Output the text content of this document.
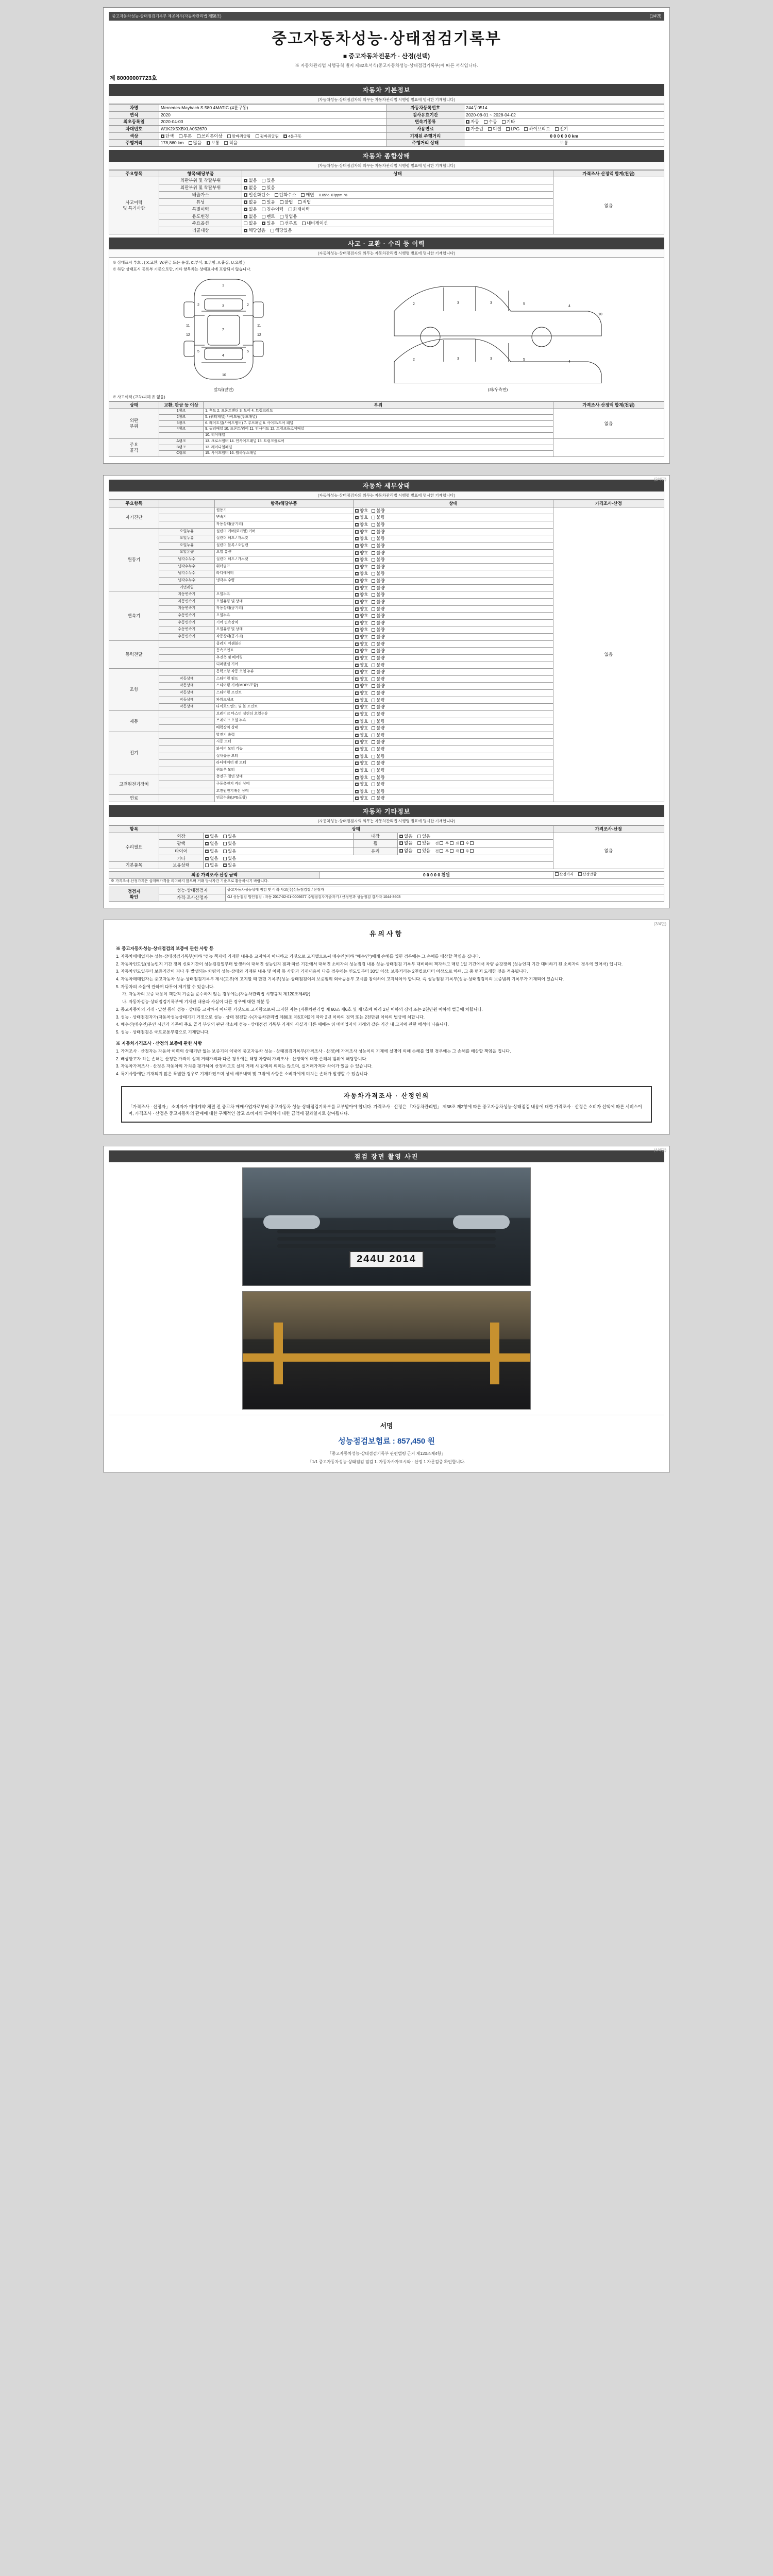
중고자동차성능·상태점검기록부 제공의무(자동차관리법 제58조)	(1/4면)
중고자동차성능·상태점검기록부
■ 중고자동차전문가 · 산정(선택)
※ 자동차관리법 시행규칙 별지 제82호서식(중고자동차성능·상태점검기록부)에 따른 서식입니다.
제 80000007723호
자동차 기본정보
(자동차성능·상태점검자의 의무는 자동차관리법 시행령 별표에 명시한 기재합니다)
차명	Mercedes-Maybach S 580 4MATIC (4륜구동)	자동차등록번호	244두0514
연식	2020	검사유효기간	2020-08-01 ~ 2028-04-02
최초등록일	2020-04-03	변속기종류	자동 수동 기타
차대번호	W1K2X5XBXLA052670	사용연료	가솔린 디젤 LPG 하이브리드 전기
색상	단색 투톤 쓰리톤이상 앞바퀴굴림 뒷바퀴굴림 4륜구동	기재된 주행거리	0 0 0 0 0 0 km
주행거리	178,860 km 많음 보통 적음	주행거리 상태	보통
자동차 종합상태
(자동차성능·상태점검자의 의무는 자동차관리법 시행령 별표에 명시한 기재합니다)
주요항목	항목/해당부품	상태	가격조사·산정액 합계(천원)
사고이력
및 특기사항	외판부위 및 착탈부위	없음 있음	없음
	외판부위 및 착탈부위	없음 있음	
	배출가스	일산화탄소 탄화수소 매연 0.05% 07ppm %	
	튜닝	없음 있음 불법 적법	
	특별이력	없음 침수이력 화재이력	
	용도변경	없음 렌트 영업용	
	주요옵션	없음 있음 선루프 내비게이션	
	리콜대상	해당없음 해당있음	
사고 · 교환 · 수리 등 이력
(자동차성능·상태점검자의 의무는 자동차관리법 시행령 별표에 명시한 기재합니다)
※ 상태표시 부호 : ( X:교환, W:판금 또는 용접, C:부식, S:긁힘, A:흠집, U:요철 )
※ 하단 상태표시 등록부 기준으로만, 기타 항목차는 상태표시에 포함되지 않습니다.
1
2	2
3
7
4
5	5
10
11	11
12	12
앞/뒤(옆면)
2	3	3	5
4
10
2	3	3	5
4
(좌/우측면)
※ 사고이력 (교차/피해 유 없음)
상태	교환, 판금 등 이상	부위	가격조사·산정액 합계(천원)
외판
부위	1랭크	1. 후드 2. 프론트펜더 3. 도어 4. 트렁크리드	없음
	2랭크	5. (쿼터패널) 사이드월(루프패널)	
	3랭크	6. 레이트널(사이드멤버) 7. 루프패널 8. 사이드/도어 패널	
	4랭크	9. 필러패널 10. 프론트/리어 11. 인사이드 12. 트렁크플로어패널	
		10. 리어패널	
주요
골격	A랭크	13. 크로스멤버 14. 인사이드패널 15. 트렁크플로어	
	B랭크	13. 레이디얼패널	
	C랭크	15. 사이드멤버 16. 휠하우스패널	
(2/4면)
자동차 세부상태
(자동차성능·상태점검자의 의무는 자동차관리법 시행령 별표에 명시한 기재합니다)
주요항목		항목/해당부품	상태	가격조사·산정
자기진단		원동기	양호 불량	없음
		변속기	양호 불량	
		작동상태(공기리)	양호 불량	
원동기	오일누유	실린더 커버(로커암) 커버	양호 불량	
	오일누유	실린더 헤드 / 개스킷	양호 불량	
	오일누유	실린더 블록 / 오일팬	양호 불량	
	오일유량	오일 유량	양호 불량	
	냉각수누수	실린더 헤드 / 가스켓	양호 불량	
	냉각수누수	워터펌프	양호 불량	
	냉각수누수	라디에이터	양호 불량	
	냉각수누수	냉각수 수량	양호 불량	
	커먼레일		양호 불량	
변속기	자동변속기	오일누유	양호 불량	
	자동변속기	오일유량 및 상태	양호 불량	
	자동변속기	작동상태(공기리)	양호 불량	
	수동변속기	오일누유	양호 불량	
	수동변속기	기어 변속장치	양호 불량	
	수동변속기	오일유량 및 상태	양호 불량	
	수동변속기	작동상태(공기리)	양호 불량	
동력전달		클러치 어셈블리	양호 불량	
		등속조인트	양호 불량	
		추진축 및 베어링	양호 불량	
		디퍼렌셜 기어	양호 불량	
조향		동력조향 작동 오일 누유	양호 불량	
	작동상태	스티어링 펌프	양호 불량	
	작동상태	스티어링 기어(MDPS포함)	양호 불량	
	작동상태	스티어링 조인트	양호 불량	
	작동상태	파워크랭크	양호 불량	
	작동상태	타이로드엔드 및 볼 조인트	양호 불량	
제동		브레이크 마스터 실린더 오일누유	양호 불량	
		브레이크 오일 누유	양호 불량	
		배력장치 상태	양호 불량	
전기		발전기 출력	양호 불량	
		시동 모터	양호 불량	
		와이퍼 모터 기능	양호 불량	
		실내송풍 모터	양호 불량	
		라디에이터 팬 모터	양호 불량	
		윈도우 모터	양호 불량	
고전원전기장치		충전구 절연 상태	양호 불량	
		구동축전지 격리 상태	양호 불량	
		고전원전기배선 상태	양호 불량	
연료		연료누출(LPG포함)	양호 불량	
자동차 기타정보
(자동차성능·상태점검자의 의무는 자동차관리법 시행령 별표에 명시한 기재합니다)
항목	상태				가격조사·산정
수리필요	외장	없음 있음	내장	없음 있음	없음
	광택	없음 있음	휠	없음 있음 전  후  좌  우	
	타이어	없음 있음	유리	없음 있음 전  후  좌  우	
	기타	없음 있음			
기본품목	보유상태	없음 있음			
최종 가격조사·산정 금액	0 0 0 0 0 천원	산정가격	산정안함
※ 가격조사·산정가격은 실매매가격을 의미하지 않으며 거래 당사자간 기준으로 활용하시기 바랍니다.
점검자
확인	성능·상태점검자	중고자동차성능상태 점검 및 이력·사고(주)성능점검장 / 산정자
	가격·조사산정자	GJ 성능점검 법인점검 : 자동 2017-02-01-0006677 수행점검자기술자기 / 산정인과 성능점검 검사자 1044-3603
(3/4면)
유의사항
※ 중고자동차성능·상태점검의 보증에 관한 사항 등

1. 자동차매매업자는 성능·상태점검기록부(이하 "성능 책자에 기재한 내용을 교지하지 아니하고 거짓으로 고지했으로써 매수인(이하 "매수인")에게 손해를 입힌 경우에는 그 손해를 배상할 책임을 집니다.

2. 자동차인도일(성능인지 기간 정의 신뢰기간이 성능검검일부터 발생하여 대해진 성능인지 점과 따른 기간에서 대해진 소비자의 성능점검 내용 성능·상태점검 기록부 대비하여 책자하고 매년 1일 기간에서 차량 승강장의 (성능인지 기간 대비하기 된 소비자의 경우에 있어서) 입니다.

3. 자동차인도일부터 보증기간이 지나 후 발생되는 차량의 성능·상태와 기재된 내용 및 이력 등 사항과 기재내용이 다를 경우에는 인도일부터 30일 이상, 보증거리는 2천킬로미터 이상으로 하며, 그 중 먼저 도래한 것을 적용됩니다.

4. 자동차매매업자는 중고자동차 성능·상태점검기록부 제시(교부)에 고지할 때 한편 기록부(성능·상태점검이의 보증범위 외국공통부 고시를 참여하여 고지하여야 합니다. 즉 성능점검 기록부(성능·상태점검이의 보증범위 기록부가 기재되어 있습니다.

5. 자동차의 소음에 관하여 다투어 제기할 수 있습니다.

가. 자동차의 보증 내용이 객관적 기준을 준수하지 않는 경우에는(자동차관리법 시행규칙 제120조제4항)

나. 자동차성능·상태점검기록부에 기재된 내용과 사실이 다른 경우에 대한 처분 등

2. 중고자동차의 거래 · 알선 통의 성능 · 상태를 고지하지 아니한 거짓으로 고지함으로써 고지한 자는 (자동차관리법 제 80조 제6호 및 제7호에 따라 2년 이하의 징역 또는 2천만원 이하의 벌금에 처합니다.

3. 성능 · 상태점검자가(자동차성능상태기기 거짓으로 성능 · 상태 점검할 수(자동차관리법 제80조 제6호의2에 따라 2년 이하의 징역 또는 2천만원 이하의 벌금에 처합니다.

4. 매수신(매수인)본인 시간과 기존이 주요 골격 부위의 판단 장소에 성능 · 상태점검 기록부 기재의 사실과 다른 때에는 위 매매업자의 거래와 같은 기간 내 고지에 관한 해석이 나옵니다.

5. 성능 · 상태점검은 국토교통부령으로 기재합니다.

※ 자동차가격조사 · 산정의 보증에 관한 사항

1. 가격조사 · 산정자는 자동차 이력의 상태기반 없는 보증기의 이내에 중고자동차 성능 · 상태점검기록부(가격조사 · 산정)에 가격조사 성능이의 기재에 실명에 의해 손해를 입힌 경우에는 그 손해를 배상할 책임을 집니다.

2. 배상받고자 하는 손해는 산정한 가격이 실제 거래가격과 다른 경우에는 해당 차량의 가격조사 · 산정액에 대한 손해의 범위에 해당합니다.

3. 자동차가격조사 · 산정은 자동차의 가치를 평가하여 산정하므로 실제 거래 시 감액의 의미는 않으며, 실거래가격과 차이가 있을 수 있습니다.

4. 특기사항에만 기재되지 않은 특별한 경우로 기재하였으며 상세 세부내역 및 그밖에 사항은 소비자에게 미치는 손해가 발생할 수 있습니다.

자동차가격조사 · 산정인의
「가격조사 · 산정자」 소비자가 매매계약 체결 전 중고차 매매사업자로부터 중고자동차 성능·상태점검기록부를 교부받아야 합니다. 가격조사 · 산정은 「자동차관리법」 제58조 제2항에 따른 중고자동차성능·상태점검 내용에 대한 가격조사 · 산정은 소비자 선택에 따른 서비스이며, 가격조사 · 산정은 중고자동차의 판매에 대한 구체적인 참고 소비자의 구매처에 대한 금액에 결과일지로 참여됩니다.
(4/4면)
점검 장면 촬영 사진
244U 2014
서명
성능점검보험료 : 857,450 원
「중고자동차성능·상태점검기록부 관련법령 근거 제120조제4항」
「1/1 중고자동차성능·상태점검 점검 1. 자동차사자표시와 · 산정 1 자문검증 확인합니다.
